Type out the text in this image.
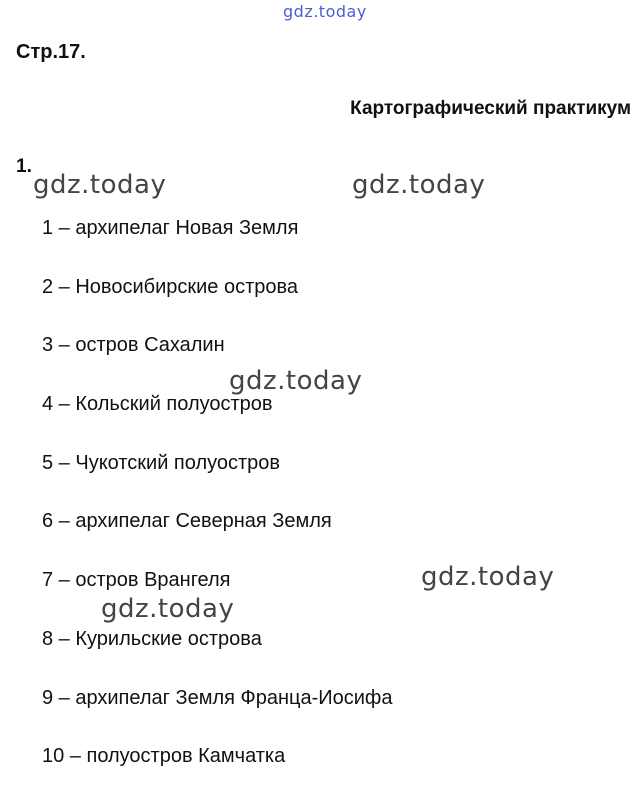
gdz.today
Стр.17.
Картографический практикум
1.
1 – архипелаг Новая Земля
2 – Новосибирские острова
3 – остров Сахалин
4 – Кольский полуостров
5 – Чукотский полуостров
6 – архипелаг Северная Земля
7 – остров Врангеля
8 – Курильские острова
9 – архипелаг Земля Франца-Иосифа
10 – полуостров Камчатка
gdz.today	gdz.today
gdz.today
gdz.today
gdz.today
